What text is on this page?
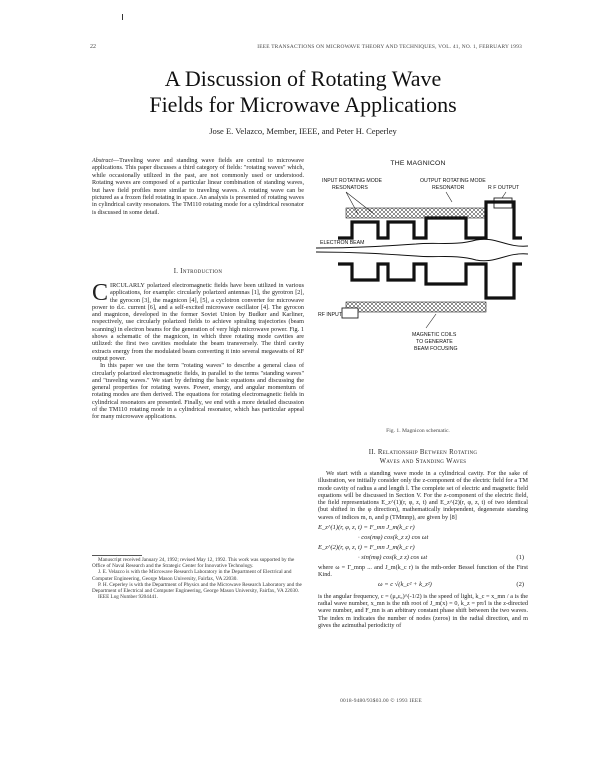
22	IEEE TRANSACTIONS ON MICROWAVE THEORY AND TECHNIQUES, VOL. 41, NO. 1, FEBRUARY 1993
A Discussion of Rotating Wave
Fields for Microwave Applications
Jose E. Velazco, Member, IEEE, and Peter H. Ceperley
Abstract—Traveling wave and standing wave fields are central to microwave applications. This paper discusses a third category of fields: "rotating waves" which, while occasionally utilized in the past, are not commonly used or understood. Rotating waves are composed of a particular linear combination of standing waves, but have field profiles more similar to traveling waves. A rotating wave can be pictured as a frozen field rotating in space. An analysis is presented of rotating waves in cylindrical cavity resonators. The TM110 rotating mode for a cylindrical resonator is discussed in some detail.
I. Introduction

CIRCULARLY polarized electromagnetic fields have been utilized in various applications, for example: circularly polarized antennas [1], the gyrotron [2], the gyrocon [3], the magnicon [4], [5], a cyclotron converter for microwave power to d.c. current [6], and a self-excited microwave oscillator [4]. The gyrocon and magnicon, developed in the former Soviet Union by Budker and Karliner, respectively, use circularly polarized fields to achieve spiraling trajectories (beam scanning) in electron beams for the generation of very high microwave power. Fig. 1 shows a schematic of the magnicon, in which three rotating mode cavities are utilized: the first two cavities modulate the beam transversely. The third cavity extracts energy from the modulated beam converting it into several megawatts of RF output power.

In this paper we use the term "rotating waves" to describe a general class of circularly polarized electromagnetic fields, in parallel to the terms "standing waves" and "traveling waves." We start by defining the basic equations and discussing the general properties for rotating waves. Power, energy, and angular momentum of rotating modes are then derived. The equations for rotating electromagnetic fields in cylindrical resonators are presented. Finally, we end with a more detailed discussion of the TM110 rotating mode in a cylindrical resonator, which has particular appeal for many microwave applications.

Manuscript received January 24, 1992; revised May 12, 1992. This work was supported by the Office of Naval Research and the Strategic Center for Innovative Technology.

J. E. Velazco is with the Microwave Research Laboratory in the Department of Electrical and Computer Engineering, George Mason University, Fairfax, VA 22030.

P. H. Ceperley is with the Department of Physics and the Microwave Research Laboratory and the Department of Electrical and Computer Engineering, George Mason University, Fairfax, VA 22030.

IEEE Log Number 9204441.

THE MAGNICON
INPUT ROTATING MODE
RESONATORS
OUTPUT ROTATING MODE
RESONATOR	R F OUTPUT
ELECTRON BEAM
RF INPUT
MAGNETIC COILS
TO GENERATE
BEAM FOCUSING
Fig. 1. Magnicon schematic.
II. Relationship Between Rotating
Waves and Standing Waves

We start with a standing wave mode in a cylindrical cavity. For the sake of illustration, we initially consider only the z-component of the electric field for a TM mode cavity of radius a and length l. The complete set of electric and magnetic field equations will be discussed in Section V. For the z-component of the electric field, the field representations E_z^(1)(r, φ, z, t) and E_z^(2)(r, φ, z, t) of two identical (but shifted in the φ direction), mathematically independent, degenerate standing waves of indices m, n, and p (TMmnp), are given by [8]

E_z^(1)(r, φ, z, t) = F_mn J_m(k_c r)
· cos(mφ) cos(k_z z) cos ωt
E_z^(2)(r, φ, z, t) = F_mn J_m(k_c r)
· sin(mφ) cos(k_z z) cos ωt	(1)

where ω = Γ_mnp ... and J_m(k_c r) is the mth-order Bessel function of the First Kind.

ω = c √(k_c² + k_z²)	(2)

is the angular frequency, c = (μ₀ε₀)^(-1/2) is the speed of light, k_c = x_mn / a is the radial wave number, x_mn is the nth root of J_m(x) = 0, k_z = pπ/l is the z-directed wave number, and F_mn is an arbitrary constant phase shift between the two waves. The index m indicates the number of nodes (zeros) in the radial direction, and m gives the azimuthal periodicity of

0018-9480/93$03.00 © 1993 IEEE
